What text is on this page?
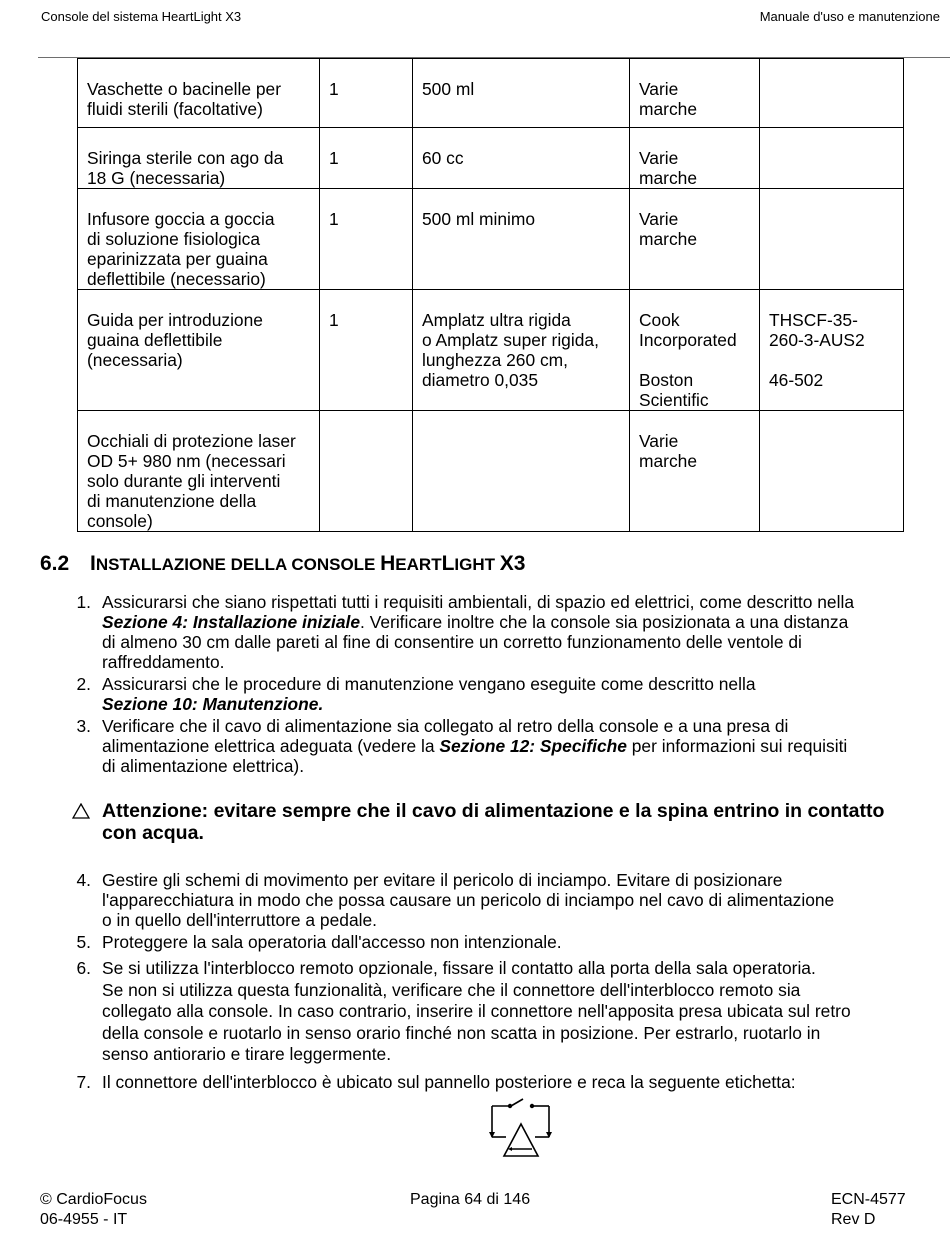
Console del sistema HeartLight X3	Manuale d'uso e manutenzione
Vaschette o bacinelle per
fluidi sterili (facoltative)	1	500 ml	Varie
marche	

Siringa sterile con ago da
18 G (necessaria)	1	60 cc	Varie
marche	

Infusore goccia a goccia
di soluzione fisiologica
eparinizzata per guaina
deflettibile (necessario)	1	500 ml minimo	Varie
marche	

Guida per introduzione
guaina deflettibile
(necessaria)	1	Amplatz ultra rigida
o Amplatz super rigida,
lunghezza 260 cm,
diametro 0,035	Cook
Incorporated
Boston
Scientific	THSCF-35-
260-3-AUS2
46-502

Occhiali di protezione laser
OD 5+ 980 nm (necessari
solo durante gli interventi
di manutenzione della
console)			Varie
marche	

6.2 INSTALLAZIONE DELLA CONSOLE HEARTLIGHT X3
1. Assicurarsi che siano rispettati tutti i requisiti ambientali, di spazio ed elettrici, come descritto nella
Sezione 4: Installazione iniziale. Verificare inoltre che la console sia posizionata a una distanza
di almeno 30 cm dalle pareti al fine di consentire un corretto funzionamento delle ventole di
raffreddamento.
2. Assicurarsi che le procedure di manutenzione vengano eseguite come descritto nella
Sezione 10: Manutenzione.
3. Verificare che il cavo di alimentazione sia collegato al retro della console e a una presa di
alimentazione elettrica adeguata (vedere la Sezione 12: Specifiche per informazioni sui requisiti
di alimentazione elettrica).
Attenzione: evitare sempre che il cavo di alimentazione e la spina entrino in contatto
con acqua.
4. Gestire gli schemi di movimento per evitare il pericolo di inciampo. Evitare di posizionare
l'apparecchiatura in modo che possa causare un pericolo di inciampo nel cavo di alimentazione
o in quello dell'interruttore a pedale.
5. Proteggere la sala operatoria dall'accesso non intenzionale.
6. Se si utilizza l'interblocco remoto opzionale, fissare il contatto alla porta della sala operatoria.
Se non si utilizza questa funzionalità, verificare che il connettore dell'interblocco remoto sia
collegato alla console. In caso contrario, inserire il connettore nell'apposita presa ubicata sul retro
della console e ruotarlo in senso orario finché non scatta in posizione. Per estrarlo, ruotarlo in
senso antiorario e tirare leggermente.
7. Il connettore dell'interblocco è ubicato sul pannello posteriore e reca la seguente etichetta:
© CardioFocus
06-4955 - IT
Pagina 64 di 146	ECN-4577
Rev D
